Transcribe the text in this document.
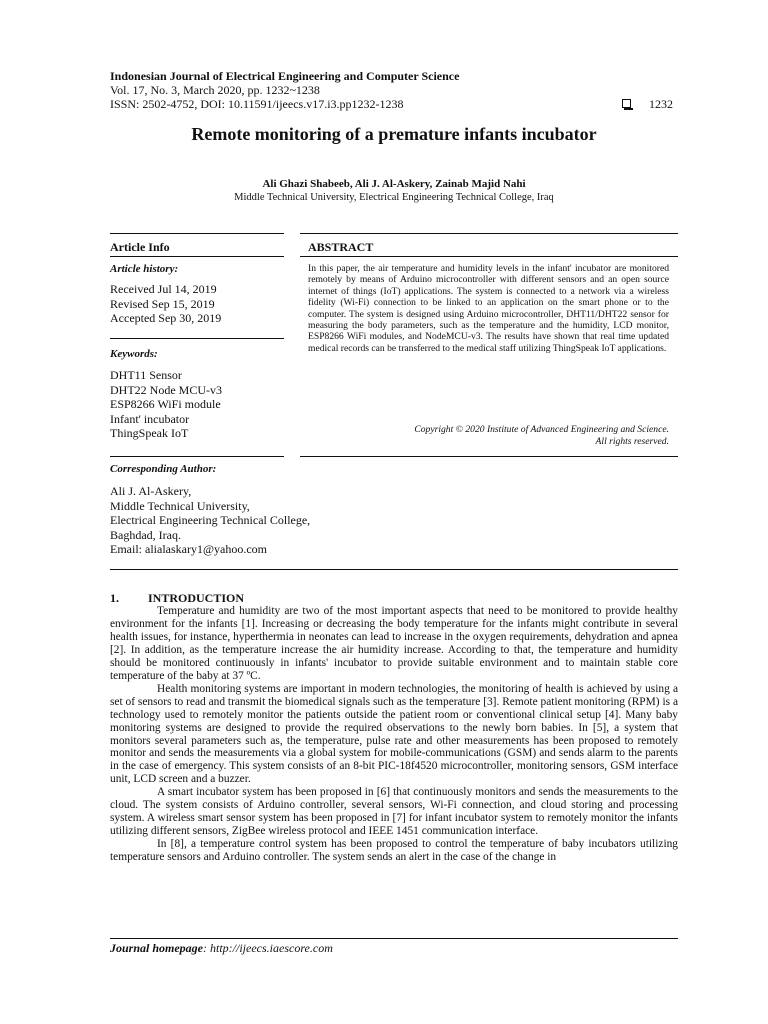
Indonesian Journal of Electrical Engineering and Computer Science
Vol. 17, No. 3, March 2020, pp. 1232~1238
ISSN: 2502-4752, DOI: 10.11591/ijeecs.v17.i3.pp1232-1238	1232
Remote monitoring of a premature infants incubator
Ali Ghazi Shabeeb, Ali J. Al-Askery, Zainab Majid Nahi
Middle Technical University, Electrical Engineering Technical College, Iraq
Article Info	ABSTRACT
Article history:
Received Jul 14, 2019
Revised Sep 15, 2019
Accepted Sep 30, 2019
Keywords:
DHT11 Sensor
DHT22 Node MCU-v3
ESP8266 WiFi module
Infant' incubator
ThingSpeak IoT
In this paper, the air temperature and humidity levels in the infant' incubator are monitored remotely by means of Arduino microcontroller with different sensors and an open source internet of things (IoT) applications. The system is connected to a network via a wireless fidelity (Wi-Fi) connection to be linked to an application on the smart phone or to the computer. The system is designed using Arduino microcontroller, DHT11/DHT22 sensor for measuring the body parameters, such as the temperature and the humidity, LCD monitor, ESP8266 WiFi modules, and NodeMCU-v3. The results have shown that real time updated medical records can be transferred to the medical staff utilizing ThingSpeak IoT applications.
Copyright © 2020 Institute of Advanced Engineering and Science.
All rights reserved.
Corresponding Author:
Ali J. Al-Askery,
Middle Technical University,
Electrical Engineering Technical College,
Baghdad, Iraq.
Email: alialaskary1@yahoo.com
1. INTRODUCTION

Temperature and humidity are two of the most important aspects that need to be monitored to provide healthy environment for the infants [1]. Increasing or decreasing the body temperature for the infants might contribute in several health issues, for instance, hyperthermia in neonates can lead to increase in the oxygen requirements, dehydration and apnea [2]. In addition, as the temperature increase the air humidity increase. According to that, the temperature and humidity should be monitored continuously in infants' incubator to provide suitable environment and to maintain stable core temperature of the baby at 37 ºC.

Health monitoring systems are important in modern technologies, the monitoring of health is achieved by using a set of sensors to read and transmit the biomedical signals such as the temperature [3]. Remote patient monitoring (RPM) is a technology used to remotely monitor the patients outside the patient room or conventional clinical setup [4]. Many baby monitoring systems are designed to provide the required observations to the newly born babies. In [5], a system that monitors several parameters such as, the temperature, pulse rate and other measurements has been proposed to remotely monitor and sends the measurements via a global system for mobile-communications (GSM) and sends alarm to the parents in the case of emergency. This system consists of an 8-bit PIC-18f4520 microcontroller, monitoring sensors, GSM interface unit, LCD screen and a buzzer.

A smart incubator system has been proposed in [6] that continuously monitors and sends the measurements to the cloud. The system consists of Arduino controller, several sensors, Wi-Fi connection, and cloud storing and processing system. A wireless smart sensor system has been proposed in [7] for infant incubator system to remotely monitor the infants utilizing different sensors, ZigBee wireless protocol and IEEE 1451 communication interface.

In [8], a temperature control system has been proposed to control the temperature of baby incubators utilizing temperature sensors and Arduino controller. The system sends an alert in the case of the change in

Journal homepage: http://ijeecs.iaescore.com
